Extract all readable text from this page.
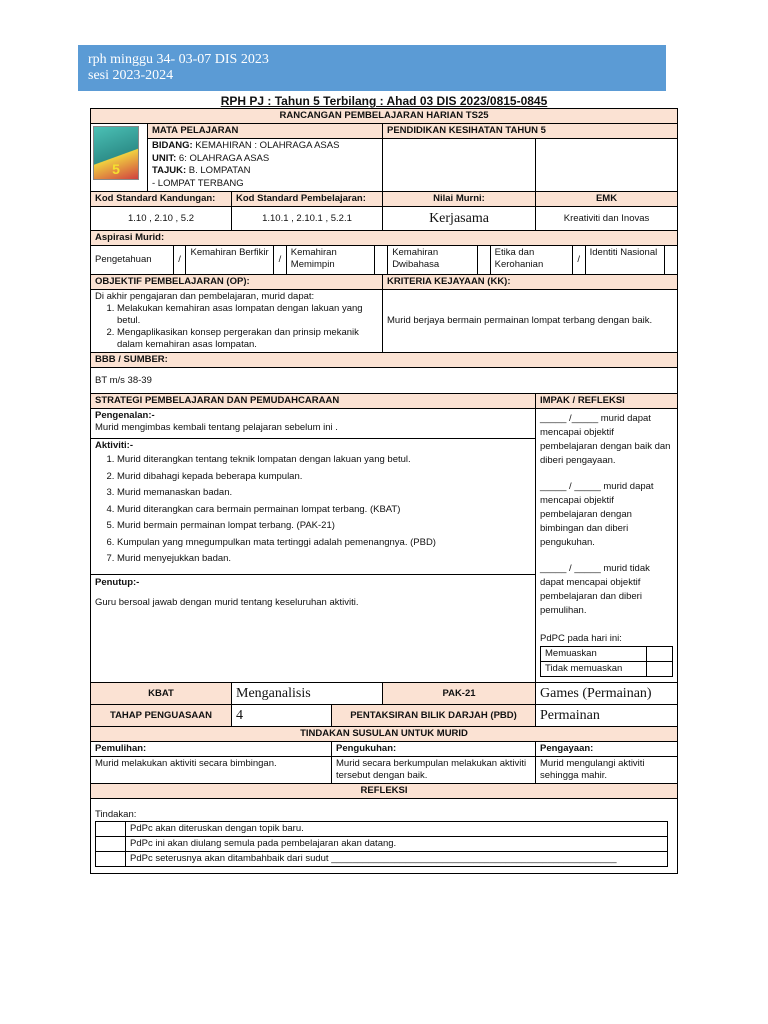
rph minggu 34- 03-07 DIS 2023
sesi 2023-2024
RPH PJ : Tahun 5 Terbilang : Ahad 03 DIS 2023/0815-0845
RANCANGAN PEMBELAJARAN HARIAN TS25

5
	MATA PELAJARAN	PENDIDIKAN KESIHATAN TAHUN 5

BIDANG: KEMAHIRAN : OLAHRAGA ASAS
UNIT: 6: OLAHRAGA ASAS
TAJUK: B. LOMPATAN
- LOMPAT TERBANG

Kod Standard Kandungan:	Kod Standard Pembelajaran:	Nilai Murni:	EMK
1.10 , 2.10 , 5.2	1.10.1 , 2.10.1 , 5.2.1	Kerjasama	Kreativiti dan Inovas
Aspirasi Murid:

Pengetahuan	/	Kemahiran Berfikir	/	Kemahiran Memimpin		Kemahiran Dwibahasa		Etika dan Kerohanian	/	Identiti Nasional	

OBJEKTIF PEMBELAJARAN (OP):	KRITERIA KEJAYAAN (KK):

Di akhir pengajaran dan pembelajaran, murid dapat:
1. Melakukan kemahiran asas lompatan dengan lakuan yang betul.
2. Mengaplikasikan konsep pergerakan dan prinsip mekanik dalam kemahiran asas lompatan.
	Murid berjaya bermain permainan lompat terbang dengan baik.
BBB / SUMBER:
BT m/s 38-39
STRATEGI PEMBELAJARAN DAN PEMUDAHCARAAN	IMPAK / REFLEKSI

Pengenalan:-
Murid mengimbas kembali tentang pelajaran sebelum ini .
Aktiviti:-
1. Murid diterangkan tentang teknik lompatan dengan lakuan yang betul.
2. Murid dibahagi kepada beberapa kumpulan.
3. Murid memanaskan badan.
4. Murid diterangkan cara bermain permainan lompat terbang. (KBAT)
5. Murid bermain permainan lompat terbang. (PAK-21)
6. Kumpulan yang mnegumpulkan mata tertinggi adalah pemenangnya. (PBD)
7. Murid menyejukkan badan.
Penutup:-
Guru bersoal jawab dengan murid tentang keseluruhan aktiviti.

_____ /_____ murid dapat mencapai objektif pembelajaran dengan baik dan diberi pengayaan.
_____ / _____ murid dapat mencapai objektif pembelajaran dengan bimbingan dan diberi pengukuhan.
_____ / _____ murid tidak dapat mencapai objektif pembelajaran dan diberi pemulihan.
PdPC pada hari ini:
Memuaskan	
Tidak memuaskan	

KBAT	Menganalisis	PAK-21	Games (Permainan)
TAHAP PENGUASAAN	4	PENTAKSIRAN BILIK DARJAH (PBD)	Permainan
TINDAKAN SUSULAN UNTUK MURID
Pemulihan:	Pengukuhan:	Pengayaan:
Murid melakukan aktiviti secara bimbingan.	Murid secara berkumpulan melakukan aktiviti tersebut dengan baik.	Murid mengulangi aktiviti sehingga mahir.
REFLEKSI

Tindakan:
	PdPc akan diteruskan dengan topik baru.
	PdPc ini akan diulang semula pada pembelajaran akan datang.
	PdPc seterusnya akan ditambahbaik dari sudut ______________________________________________________
